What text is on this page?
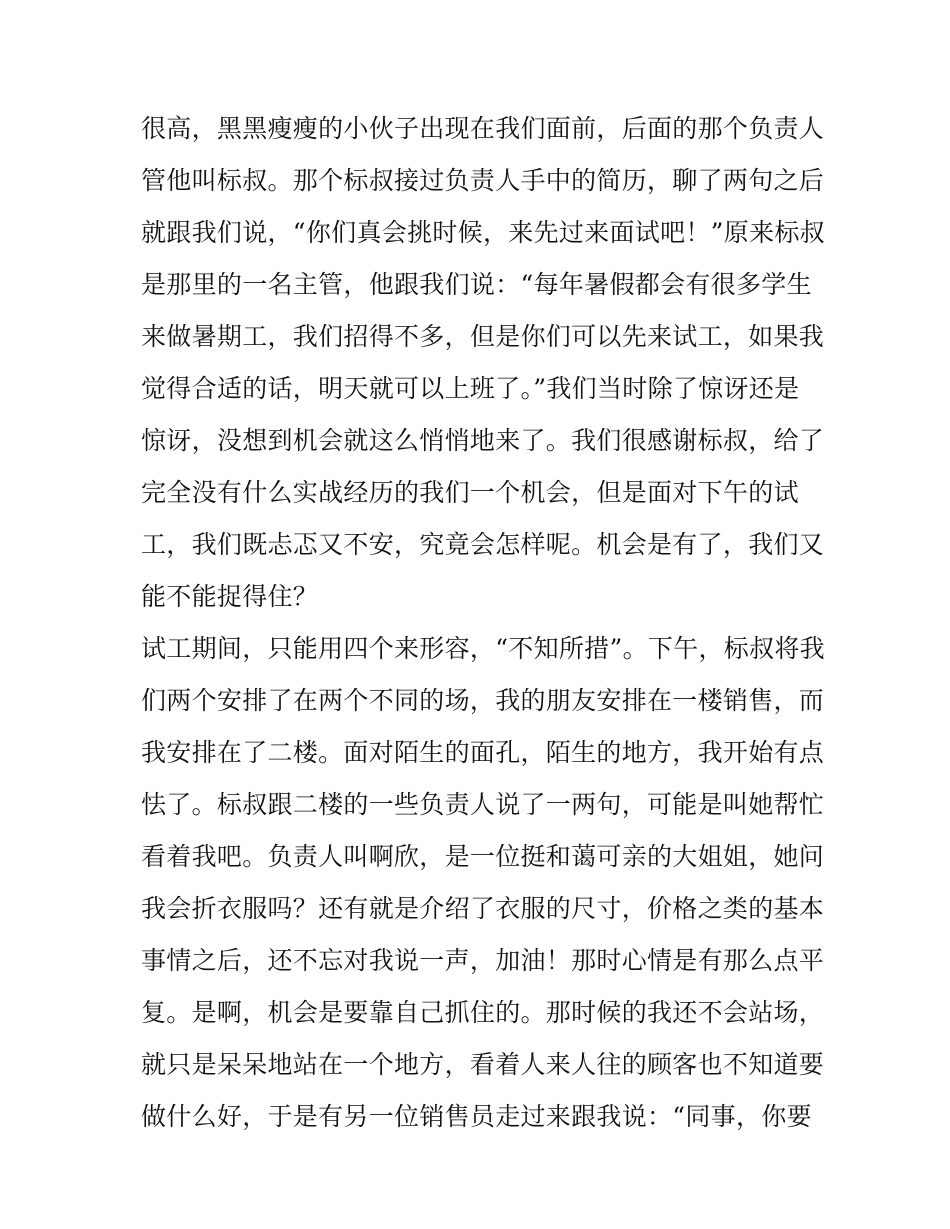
很高，黑黑瘦瘦的小伙子出现在我们面前，后面的那个负责人
管他叫标叔。那个标叔接过负责人手中的简历，聊了两句之后
就跟我们说，“你们真会挑时候，来先过来面试吧！”原来标叔
是那里的一名主管，他跟我们说：“每年暑假都会有很多学生
来做暑期工，我们招得不多，但是你们可以先来试工，如果我
觉得合适的话，明天就可以上班了。”我们当时除了惊讶还是
惊讶，没想到机会就这么悄悄地来了。我们很感谢标叔，给了
完全没有什么实战经历的我们一个机会，但是面对下午的试
工，我们既忐忑又不安，究竟会怎样呢。机会是有了，我们又
能不能捉得住？
试工期间，只能用四个来形容，“不知所措”。下午，标叔将我
们两个安排了在两个不同的场，我的朋友安排在一楼销售，而
我安排在了二楼。面对陌生的面孔，陌生的地方，我开始有点
怯了。标叔跟二楼的一些负责人说了一两句，可能是叫她帮忙
看着我吧。负责人叫啊欣，是一位挺和蔼可亲的大姐姐，她问
我会折衣服吗？还有就是介绍了衣服的尺寸，价格之类的基本
事情之后，还不忘对我说一声，加油！那时心情是有那么点平
复。是啊，机会是要靠自己抓住的。那时候的我还不会站场，
就只是呆呆地站在一个地方，看着人来人往的顾客也不知道要
做什么好，于是有另一位销售员走过来跟我说：“同事，你要
